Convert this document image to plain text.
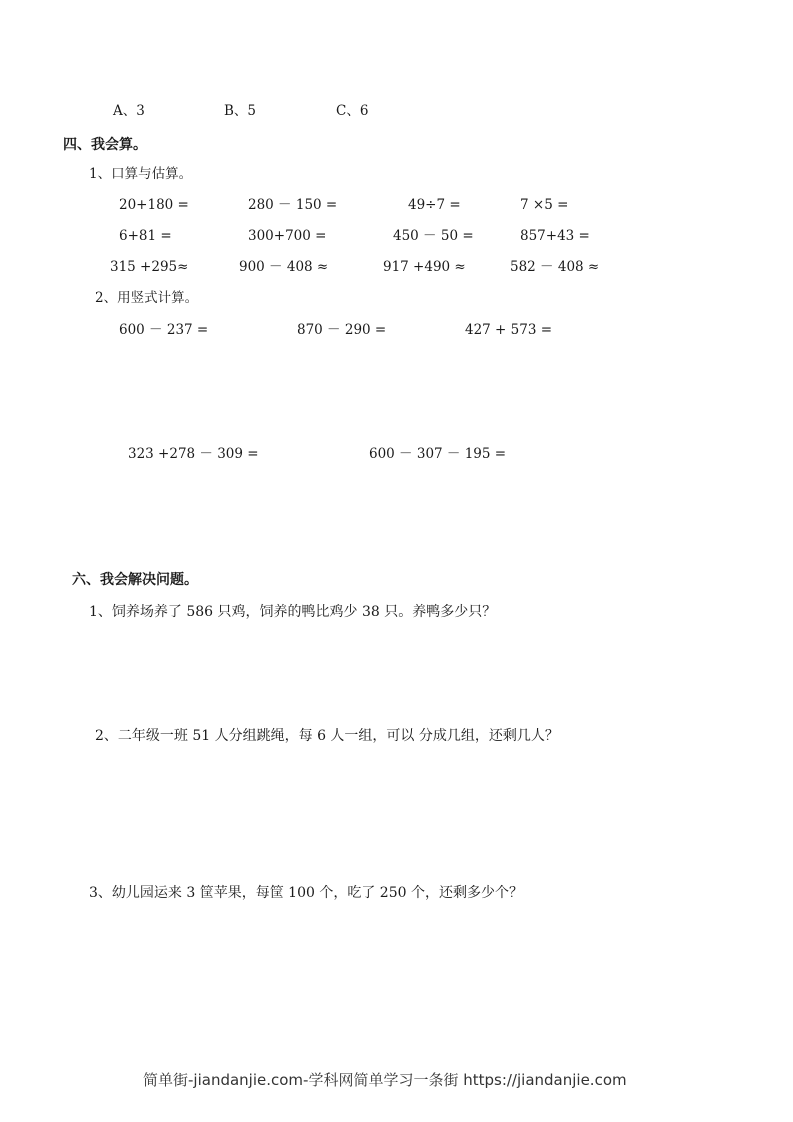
A、3	B、5	C、6
四、我会算。
1、口算与估算。
20+180 =	280 － 150 =	49÷7 =	7 ×5 =
6+81 =	300+700 =	450 － 50 =	857+43 =
315 +295≈	900 － 408 ≈	917 +490 ≈	582 － 408 ≈
2、用竖式计算。
600 － 237 =	870 － 290 =	427 + 573 =
323 +278 － 309 =	600 － 307 － 195 =
六、我会解决问题。
1、饲养场养了 586 只鸡，饲养的鸭比鸡少 38 只。养鸭多少只？
2、二年级一班 51 人分组跳绳，每 6 人一组，可以 分成几组，还剩几人？
3、幼儿园运来 3 筐苹果，每筐 100 个，吃了 250 个，还剩多少个？
简单街-jiandanjie.com-学科网简单学习一条街 https://jiandanjie.com
